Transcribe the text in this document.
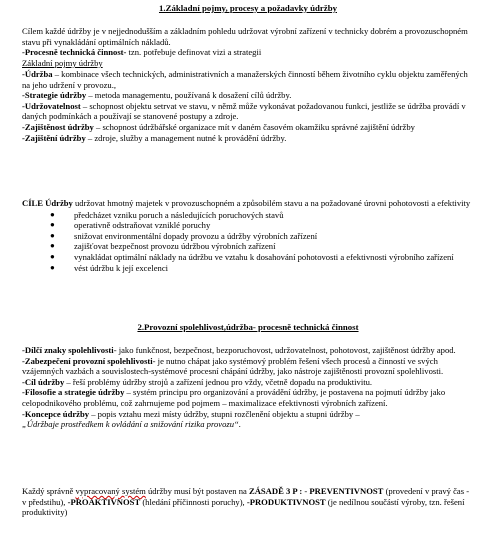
1.Základní pojmy, procesy a požadavky údržby

Cílem každé údržby je v nejjednodušším a základním pohledu udržovat výrobní zařízení v technicky dobrém a provozuschopném stavu při vynakládání optimálních nákladů.

-Procesně technická činnost- tzn. potřebuje definovat vizi a strategii

Základní pojmy údržby

-Údržba – kombinace všech technických, administrativních a manažerských činností během životního cyklu objektu zaměřených na jeho udržení v provozu.,

-Strategie údržby – metoda managementu, používaná k dosažení cílů údržby.

-Udržovatelnost – schopnost objektu setrvat ve stavu, v němž může vykonávat požadovanou funkci, jestliže se údržba provádí v daných podmínkách a používají se stanovené postupy a zdroje.

-Zajištěnost údržby – schopnost údržbářské organizace mít v daném časovém okamžiku správné zajištění údržby

-Zajištění údržby – zdroje, služby a management nutné k provádění údržby.

CÍLE Údržby udržovat hmotný majetek v provozuschopném a způsobilém stavu a na požadované úrovni pohotovosti a efektivity

● předcházet vzniku poruch a následujících poruchových stavů
● operativně odstraňovat vzniklé poruchy
● snižovat environmentální dopady provozu a údržby výrobních zařízení
● zajišťovat bezpečnost provozu údržbou výrobních zařízení
● vynakládat optimální náklady na údržbu ve vztahu k dosahování pohotovosti a efektivnosti výrobního zařízení
● vést údržbu k její excelenci

2.Provozní spolehlivost,údržba- procesně technická činnost

-Dílčí znaky spolehlivosti- jako funkčnost, bezpečnost, bezporuchovost, udržovatelnost, pohotovost, zajištěnost údržby apod.

-Zabezpečení provozní spolehlivosti- je nutno chápat jako systémový problém řešení všech procesů a činností ve svých vzájemných vazbách a souvislostech-systémové procesní chápání údržby, jako nástroje zajištěnosti provozní spolehlivosti.

-Cíl údržby – řeší problémy údržby strojů a zařízení jednou pro vždy, včetně dopadu na produktivitu.

-Filosofie a strategie údržby – systém principu pro organizování a provádění údržby, je postavena na pojmutí údržby jako celopodnikového problému, což zahrnujeme pod pojmem – maximalizace efektivnosti výrobních zařízení.

-Koncepce údržby – popis vztahu mezi místy údržby, stupni rozčlenění objektu a stupni údržby –
„Údržbaje prostředkem k ovládání a snižování rizika provozu“.

Každý správně vypracovaný systém údržby musí být postaven na ZÁSADĚ 3 P : - PREVENTIVNOST (provedení v pravý čas - v předstihu), -PROAKTIVNOST (hledání příčinnosti poruchy), -PRODUKTIVNOST (je nedílnou součástí výroby, tzn. řešení produktivity)
